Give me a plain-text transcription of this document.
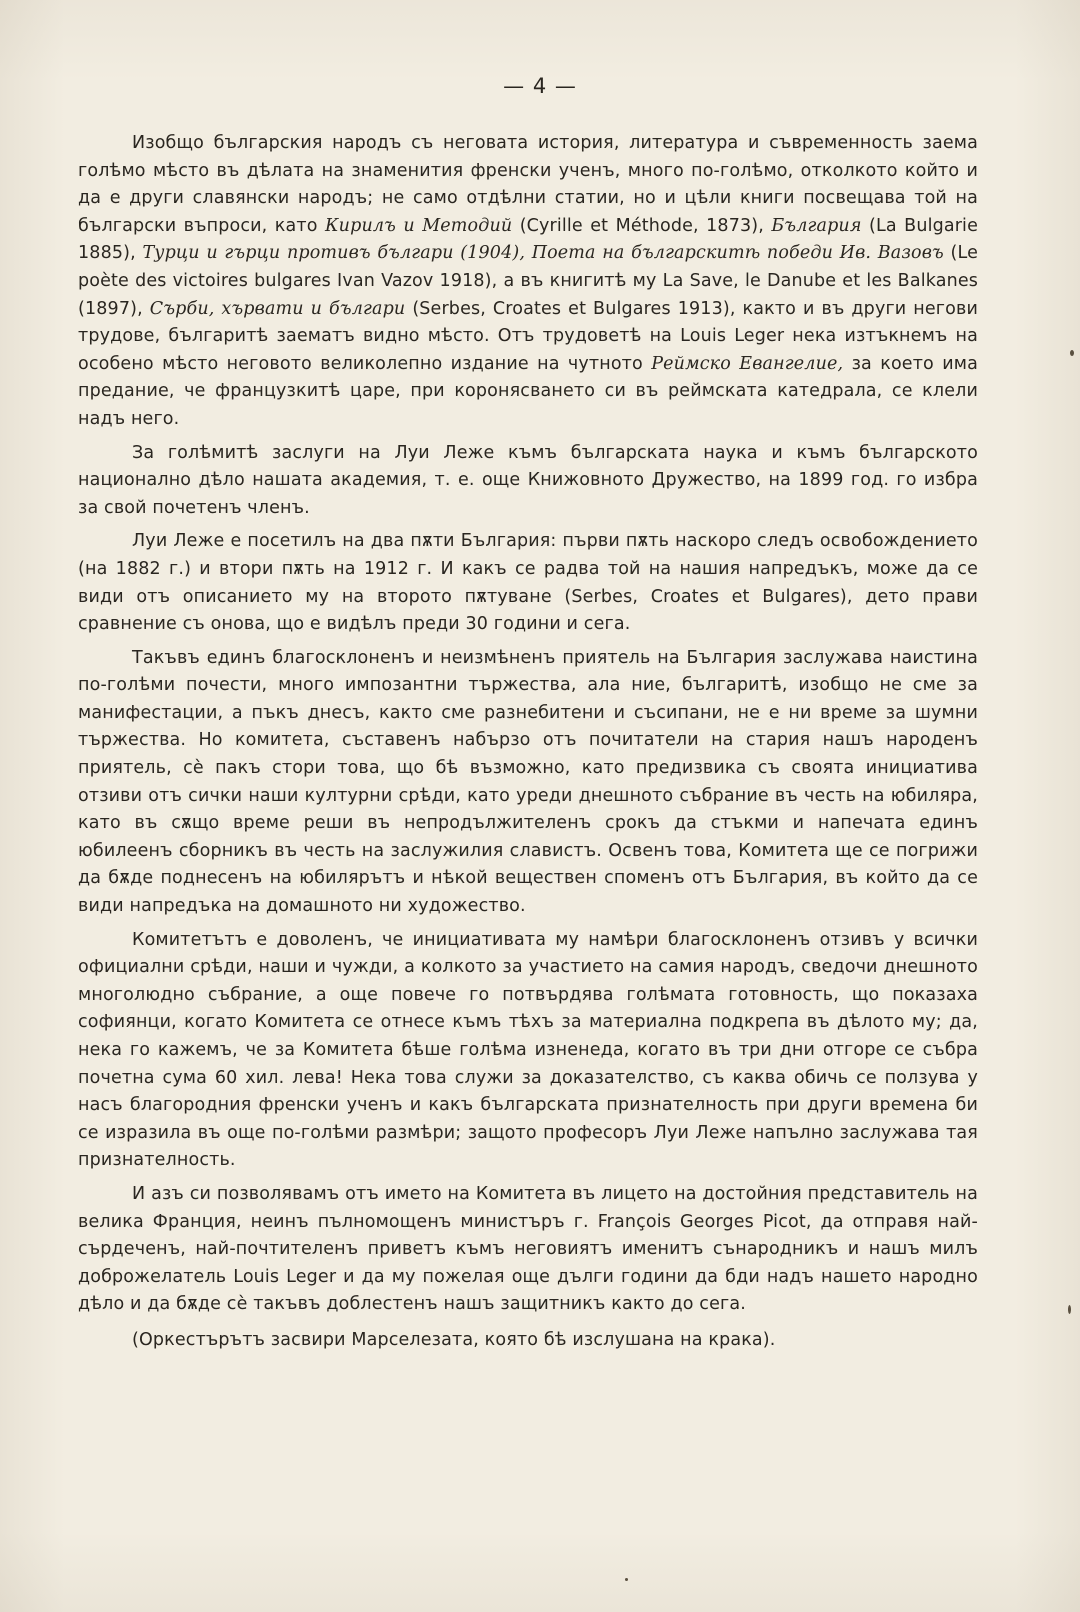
— 4 —

Изобщо българския народъ съ неговата история, литература и съвременность заема голѣмо мѣсто въ дѣлата на знаменития френски ученъ, много по-голѣмо, отколкото който и да е други славянски народъ; не само отдѣлни статии, но и цѣли книги посвещава той на български въпроси, като Кирилъ и Методий (Cyrille et Méthode, 1873), България (La Bulgarie 1885), Турци и гърци противъ българи (1904), Поета на българскитѣ победи Ив. Вазовъ (Le poète des victoires bulgares Ivan Vazov 1918), а въ книгитѣ му La Save, le Danube et les Balkanes (1897), Сърби, хървати и българи (Serbes, Croates et Bulgares 1913), както и въ други негови трудове, българитѣ заематъ видно мѣсто. Отъ трудоветѣ на Louis Leger нека изтъкнемъ на особено мѣсто неговото великолепно издание на чутното Реймско Евангелие, за което има предание, че французкитѣ царе, при коронясването си въ реймската катедрала, се клели надъ него.

За голѣмитѣ заслуги на Луи Леже къмъ българската наука и къмъ българското национално дѣло нашата академия, т. е. още Книжовното Дружество, на 1899 год. го избра за свой почетенъ членъ.

Луи Леже е посетилъ на два пѫти България: първи пѫть наскоро следъ освобождението (на 1882 г.) и втори пѫть на 1912 г. И какъ се радва той на нашия напредъкъ, може да се види отъ описанието му на второто пѫтуване (Serbes, Croates et Bulgares), дето прави сравнение съ онова, що е видѣлъ преди 30 години и сега.

Такъвъ единъ благосклоненъ и неизмѣненъ приятель на България заслужава наистина по-голѣми почести, много импозантни тържества, ала ние, българитѣ, изобщо не сме за манифестации, а пъкъ днесъ, както сме разнебитени и съсипани, не е ни време за шумни тържества. Но комитета, съставенъ набързо отъ почитатели на стария нашъ народенъ приятель, сè пакъ стори това, що бѣ възможно, като предизвика съ своята инициатива отзиви отъ сички наши културни срѣди, като уреди днешното събрание въ честь на юбиляра, като въ сѫщо време реши въ непродължителенъ срокъ да стъкми и напечата единъ юбилеенъ сборникъ въ честь на заслужилия славистъ. Освенъ това, Комитета ще се погрижи да бѫде поднесенъ на юбилярътъ и нѣкой веществен споменъ отъ България, въ който да се види напредъка на домашното ни художество.

Комитетътъ е доволенъ, че инициативата му намѣри благосклоненъ отзивъ у всички официални срѣди, наши и чужди, а колкото за участието на самия народъ, сведочи днешното многолюдно събрание, а още повече го потвърдява голѣмата готовность, що показаха софиянци, когато Комитета се отнесе къмъ тѣхъ за материална подкрепа въ дѣлото му; да, нека го кажемъ, че за Комитета бѣше голѣма изненеда, когато въ три дни отгоре се събра почетна сума 60 хил. лева! Нека това служи за доказателство, съ каква обичь се ползува у насъ благородния френски ученъ и какъ българската признателность при други времена би се изразила въ още по-голѣми размѣри; защото професоръ Луи Леже напълно заслужава тая признателность.

И азъ си позволявамъ отъ името на Комитета въ лицето на достойния представитель на велика Франция, неинъ пълномощенъ министъръ г. François Georges Picot, да отправя най-сърдеченъ, най-почтителенъ приветъ къмъ неговиятъ именитъ сънародникъ и нашъ милъ доброжелатель Louis Leger и да му пожелая още дълги години да бди надъ нашето народно дѣло и да бѫде сè такъвъ доблестенъ нашъ защитникъ както до сега.

(Оркестърътъ засвири Марселезата, която бѣ изслушана на крака).
